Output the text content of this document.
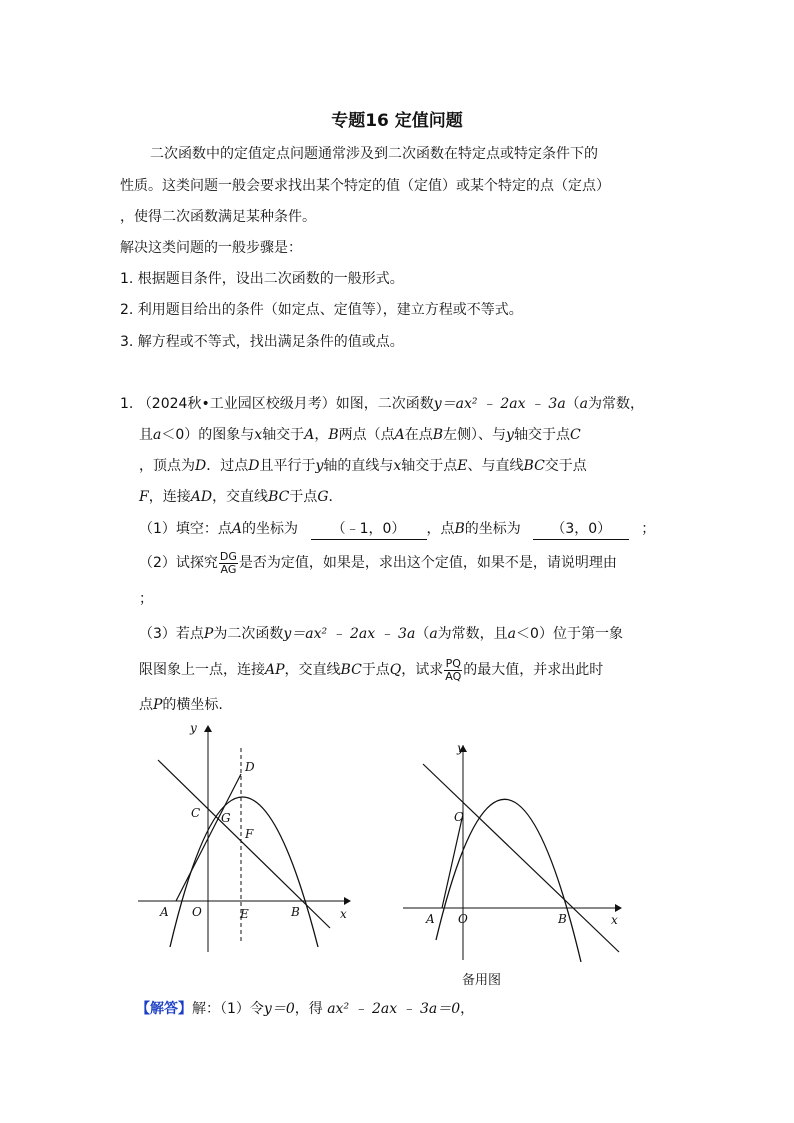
专题16 定值问题
二次函数中的定值定点问题通常涉及到二次函数在特定点或特定条件下的
性质。这类问题一般会要求找出某个特定的值（定值）或某个特定的点（定点）
，使得二次函数满足某种条件。
解决这类问题的一般步骤是：
1. 根据题目条件，设出二次函数的一般形式。
2. 利用题目给出的条件（如定点、定值等），建立方程或不等式。
3. 解方程或不等式，找出满足条件的值或点。
1. （2024秋•工业园区校级月考）如图，二次函数y＝ax² ﹣ 2ax ﹣ 3a（a为常数，
且a＜0）的图象与x轴交于A，B两点（点A在点B左侧）、与y轴交于点C
，顶点为D．过点D且平行于y轴的直线与x轴交于点E、与直线BC交于点
F，连接AD，交直线BC于点G．
（1）填空：点A的坐标为 （﹣1，0） ，点B的坐标为 （3，0） ；
（2）试探究 $\frac{DG}{AG}$ 是否为定值，如果是，求出这个定值，如果不是，请说明理由
；
（3）若点P为二次函数y＝ax² ﹣ 2ax ﹣ 3a（a为常数，且a＜0）位于第一象
限图象上一点，连接AP，交直线BC于点Q，试求 $\frac{PQ}{AQ}$ 的最大值，并求出此时
点P的横坐标.
y
x
O
A	B
C
D
E
F
G
y
x
O
A	B
C
备用图
【解答】解：（1）令y＝0，得 ax² ﹣ 2ax ﹣ 3a＝0，
